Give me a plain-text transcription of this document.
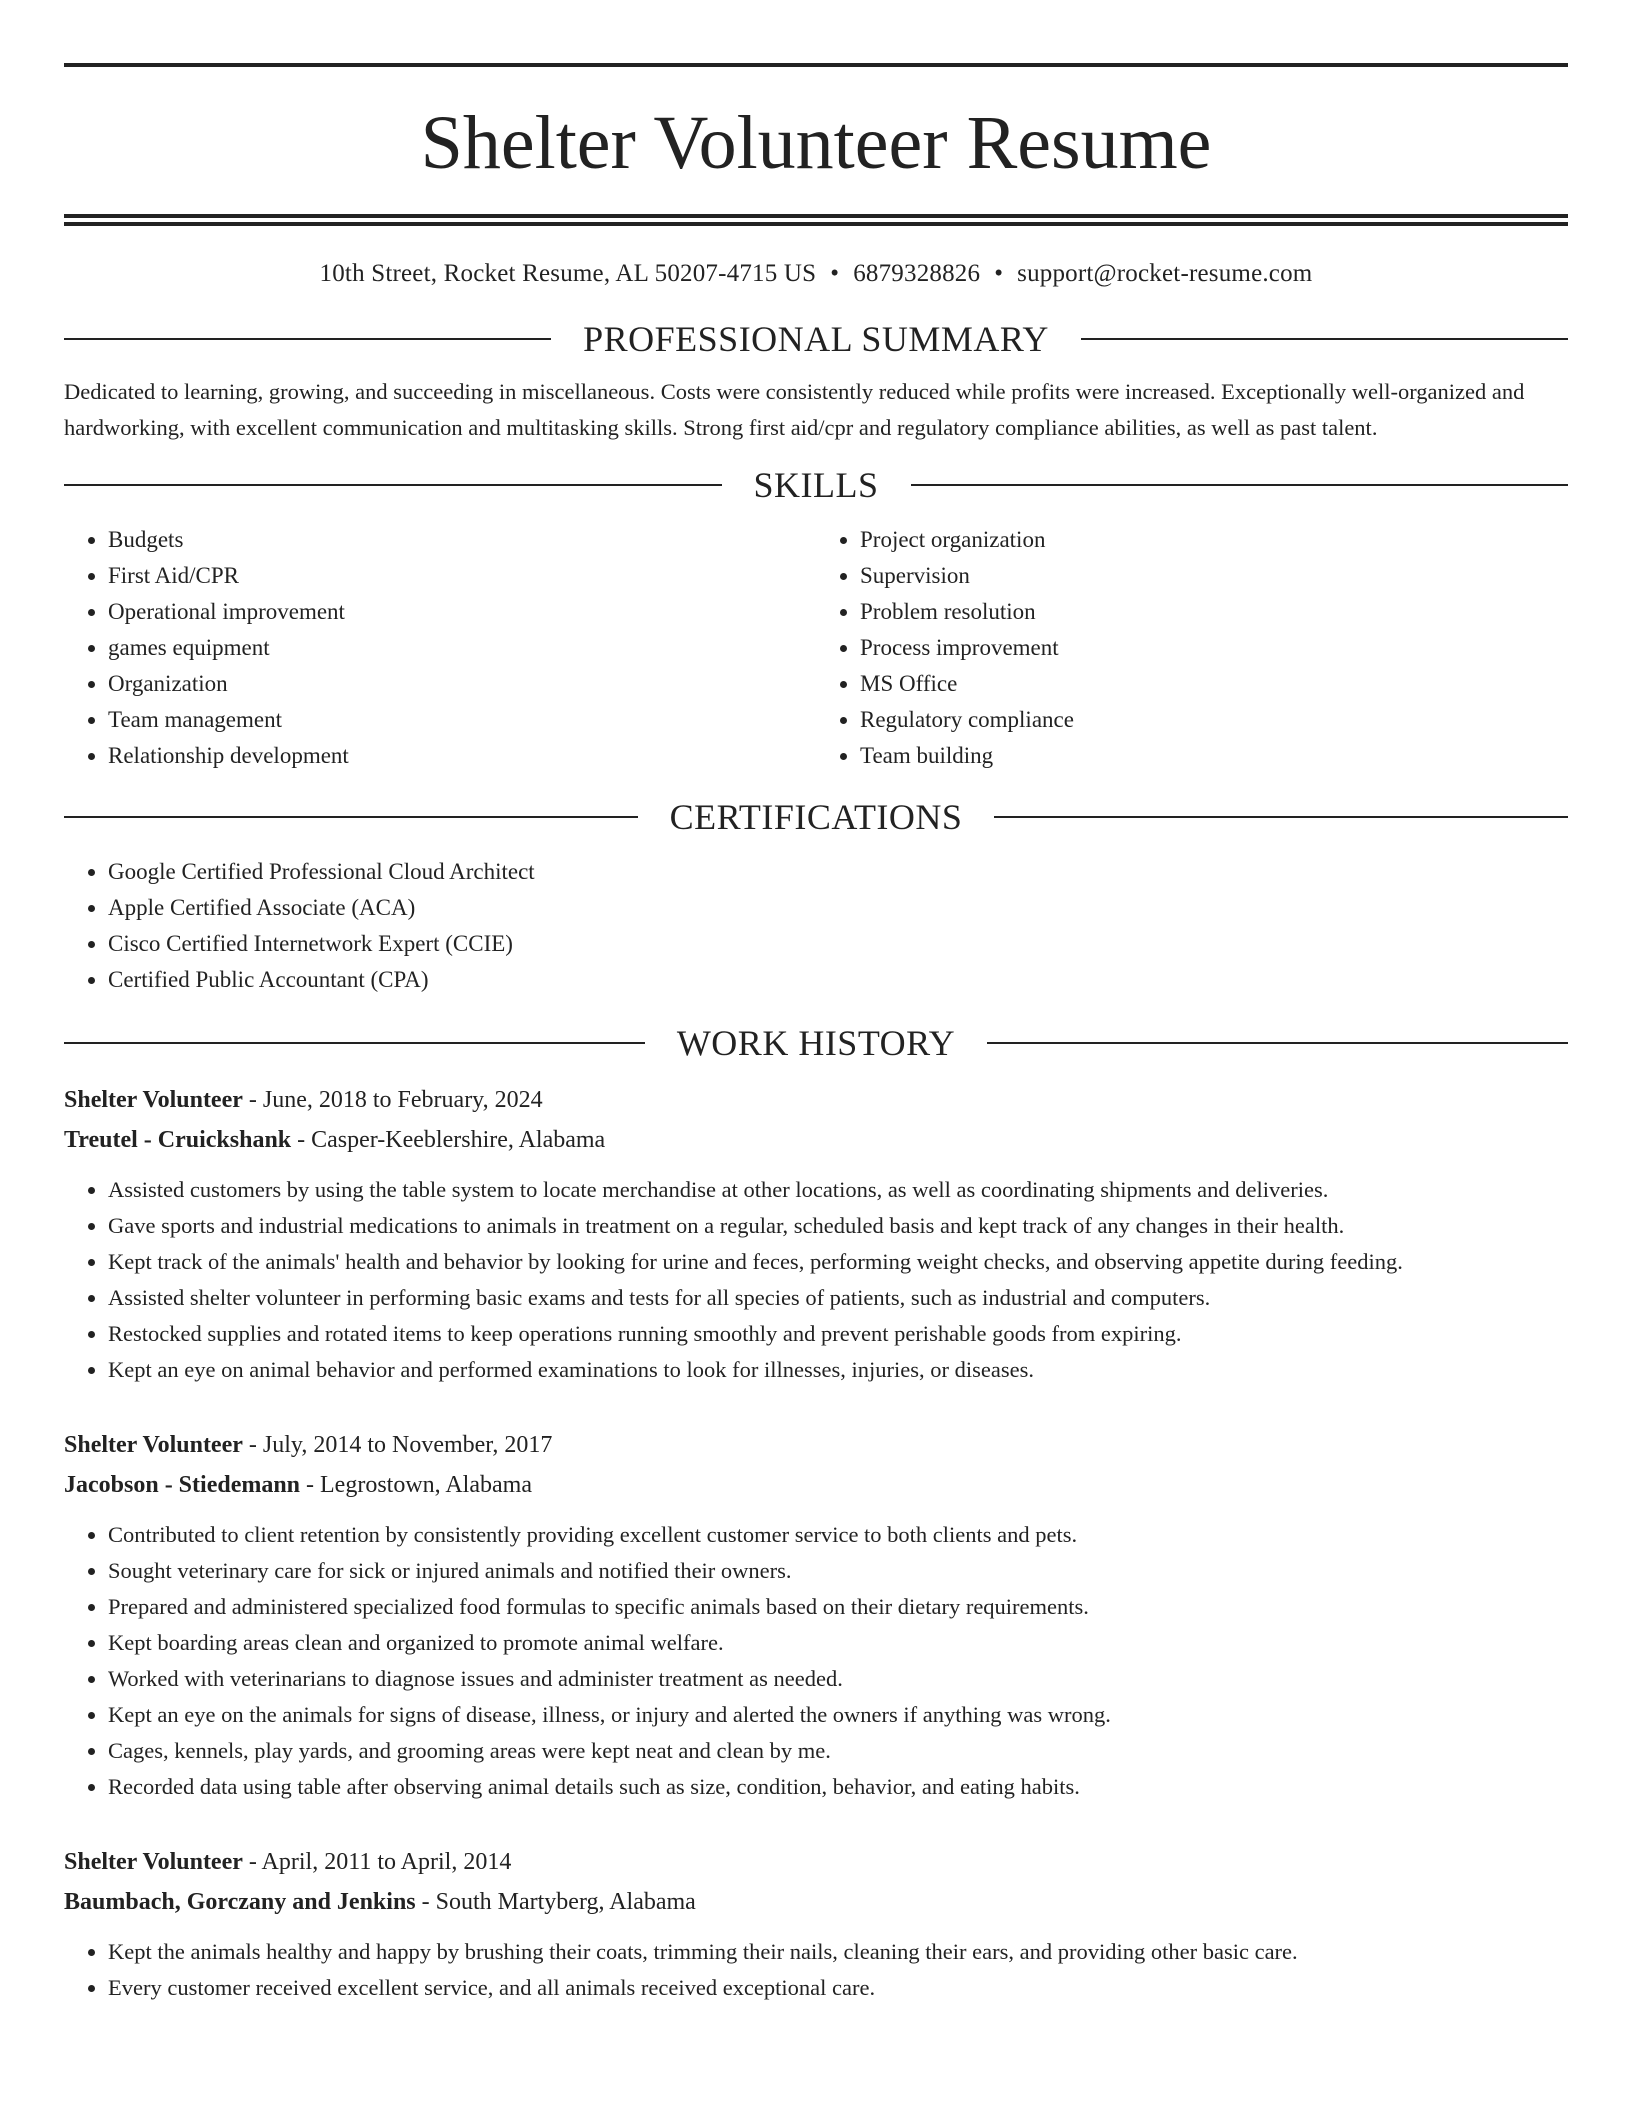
Shelter Volunteer Resume
10th Street, Rocket Resume, AL 50207-4715 US • 6879328826 • support@rocket-resume.com
PROFESSIONAL SUMMARY

Dedicated to learning, growing, and succeeding in miscellaneous. Costs were consistently reduced while profits were increased. Exceptionally well-organized and hardworking, with excellent communication and multitasking skills. Strong first aid/cpr and regulatory compliance abilities, as well as past talent.

SKILLS
• Budgets
• First Aid/CPR
• Operational improvement
• games equipment
• Organization
• Team management
• Relationship development
• Project organization
• Supervision
• Problem resolution
• Process improvement
• MS Office
• Regulatory compliance
• Team building
CERTIFICATIONS
• Google Certified Professional Cloud Architect
• Apple Certified Associate (ACA)
• Cisco Certified Internetwork Expert (CCIE)
• Certified Public Accountant (CPA)
WORK HISTORY
Shelter Volunteer - June, 2018 to February, 2024
Treutel - Cruickshank - Casper-Keeblershire, Alabama
• Assisted customers by using the table system to locate merchandise at other locations, as well as coordinating shipments and deliveries.
• Gave sports and industrial medications to animals in treatment on a regular, scheduled basis and kept track of any changes in their health.
• Kept track of the animals' health and behavior by looking for urine and feces, performing weight checks, and observing appetite during feeding.
• Assisted shelter volunteer in performing basic exams and tests for all species of patients, such as industrial and computers.
• Restocked supplies and rotated items to keep operations running smoothly and prevent perishable goods from expiring.
• Kept an eye on animal behavior and performed examinations to look for illnesses, injuries, or diseases.
Shelter Volunteer - July, 2014 to November, 2017
Jacobson - Stiedemann - Legrostown, Alabama
• Contributed to client retention by consistently providing excellent customer service to both clients and pets.
• Sought veterinary care for sick or injured animals and notified their owners.
• Prepared and administered specialized food formulas to specific animals based on their dietary requirements.
• Kept boarding areas clean and organized to promote animal welfare.
• Worked with veterinarians to diagnose issues and administer treatment as needed.
• Kept an eye on the animals for signs of disease, illness, or injury and alerted the owners if anything was wrong.
• Cages, kennels, play yards, and grooming areas were kept neat and clean by me.
• Recorded data using table after observing animal details such as size, condition, behavior, and eating habits.
Shelter Volunteer - April, 2011 to April, 2014
Baumbach, Gorczany and Jenkins - South Martyberg, Alabama
• Kept the animals healthy and happy by brushing their coats, trimming their nails, cleaning their ears, and providing other basic care.
• Every customer received excellent service, and all animals received exceptional care.
